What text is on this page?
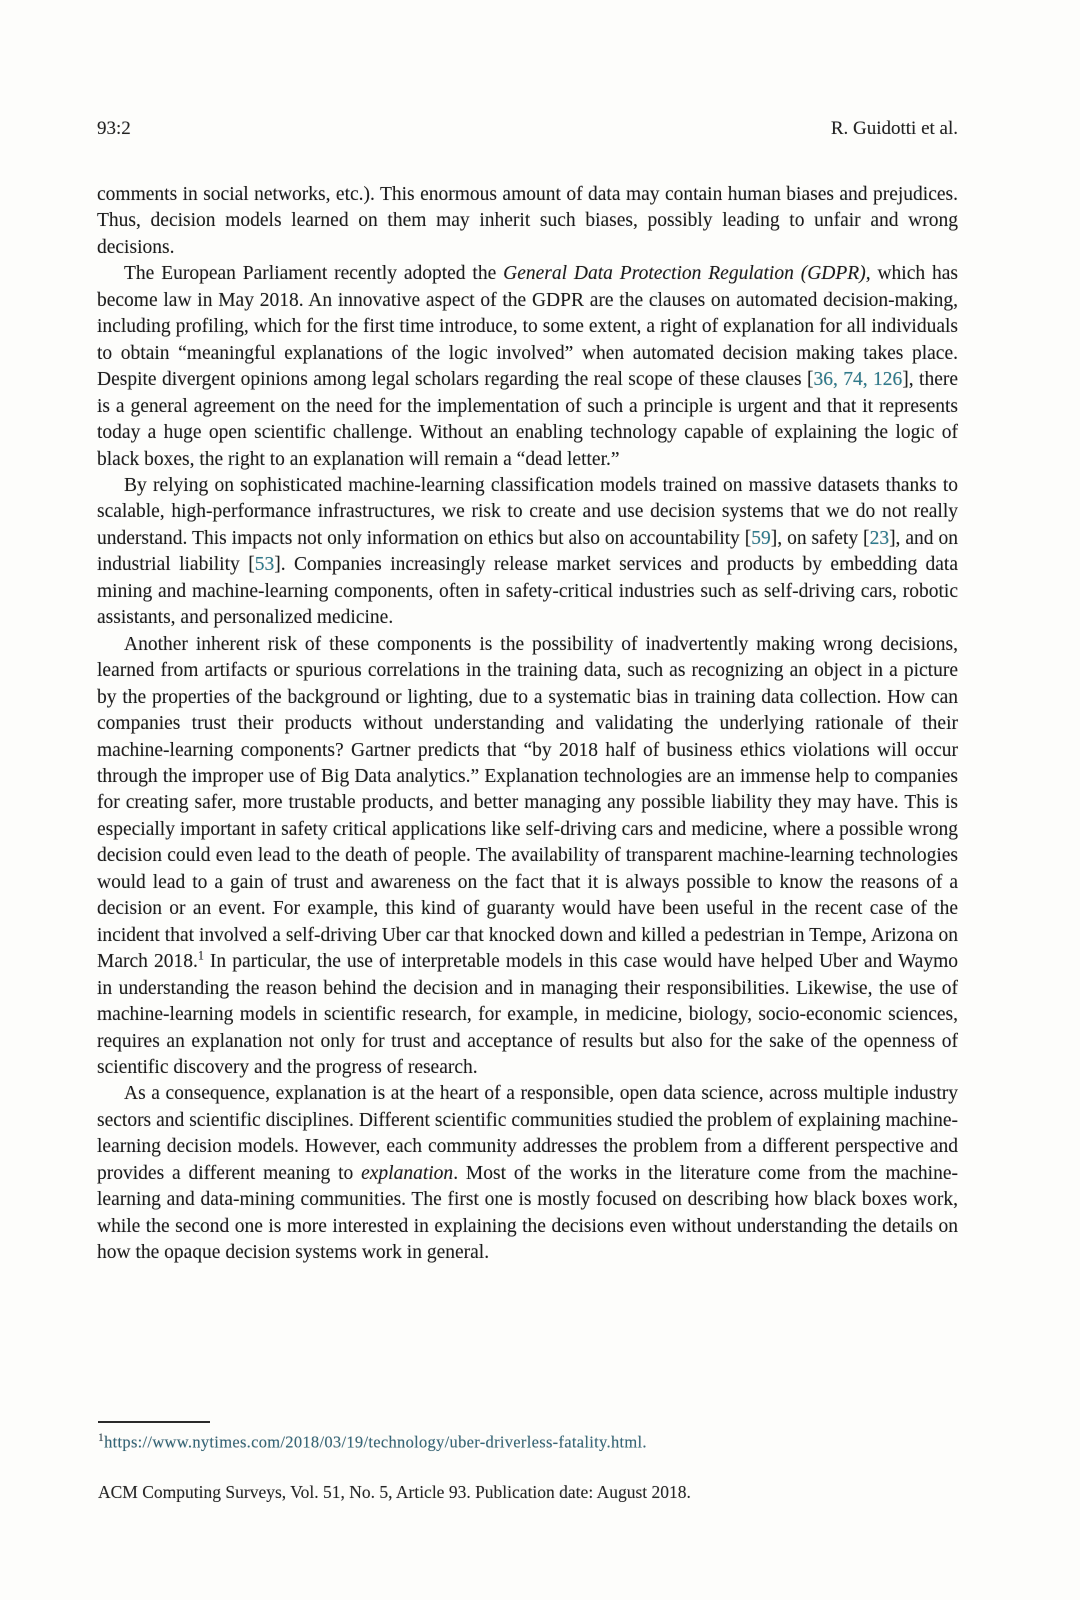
93:2	R. Guidotti et al.

comments in social networks, etc.). This enormous amount of data may contain human biases and prejudices. Thus, decision models learned on them may inherit such biases, possibly leading to unfair and wrong decisions.

The European Parliament recently adopted the General Data Protection Regulation (GDPR), which has become law in May 2018. An innovative aspect of the GDPR are the clauses on automated decision-making, including profiling, which for the first time introduce, to some extent, a right of explanation for all individuals to obtain “meaningful explanations of the logic involved” when automated decision making takes place. Despite divergent opinions among legal scholars regarding the real scope of these clauses [36, 74, 126], there is a general agreement on the need for the implementation of such a principle is urgent and that it represents today a huge open scientific challenge. Without an enabling technology capable of explaining the logic of black boxes, the right to an explanation will remain a “dead letter.”

By relying on sophisticated machine-learning classification models trained on massive datasets thanks to scalable, high-performance infrastructures, we risk to create and use decision systems that we do not really understand. This impacts not only information on ethics but also on accountability [59], on safety [23], and on industrial liability [53]. Companies increasingly release market services and products by embedding data mining and machine-learning components, often in safety-critical industries such as self-driving cars, robotic assistants, and personalized medicine.

Another inherent risk of these components is the possibility of inadvertently making wrong decisions, learned from artifacts or spurious correlations in the training data, such as recognizing an object in a picture by the properties of the background or lighting, due to a systematic bias in training data collection. How can companies trust their products without understanding and validating the underlying rationale of their machine-learning components? Gartner predicts that “by 2018 half of business ethics violations will occur through the improper use of Big Data analytics.” Explanation technologies are an immense help to companies for creating safer, more trustable products, and better managing any possible liability they may have. This is especially important in safety critical applications like self-driving cars and medicine, where a possible wrong decision could even lead to the death of people. The availability of transparent machine-learning technologies would lead to a gain of trust and awareness on the fact that it is always possible to know the reasons of a decision or an event. For example, this kind of guaranty would have been useful in the recent case of the incident that involved a self-driving Uber car that knocked down and killed a pedestrian in Tempe, Arizona on March 2018.$^1$ In particular, the use of interpretable models in this case would have helped Uber and Waymo in understanding the reason behind the decision and in managing their responsibilities. Likewise, the use of machine-learning models in scientific research, for example, in medicine, biology, socio-economic sciences, requires an explanation not only for trust and acceptance of results but also for the sake of the openness of scientific discovery and the progress of research.

As a consequence, explanation is at the heart of a responsible, open data science, across multiple industry sectors and scientific disciplines. Different scientific communities studied the problem of explaining machine-learning decision models. However, each community addresses the problem from a different perspective and provides a different meaning to explanation. Most of the works in the literature come from the machine-learning and data-mining communities. The first one is mostly focused on describing how black boxes work, while the second one is more interested in explaining the decisions even without understanding the details on how the opaque decision systems work in general.

$^1$https://www.nytimes.com/2018/03/19/technology/uber-driverless-fatality.html.
ACM Computing Surveys, Vol. 51, No. 5, Article 93. Publication date: August 2018.
